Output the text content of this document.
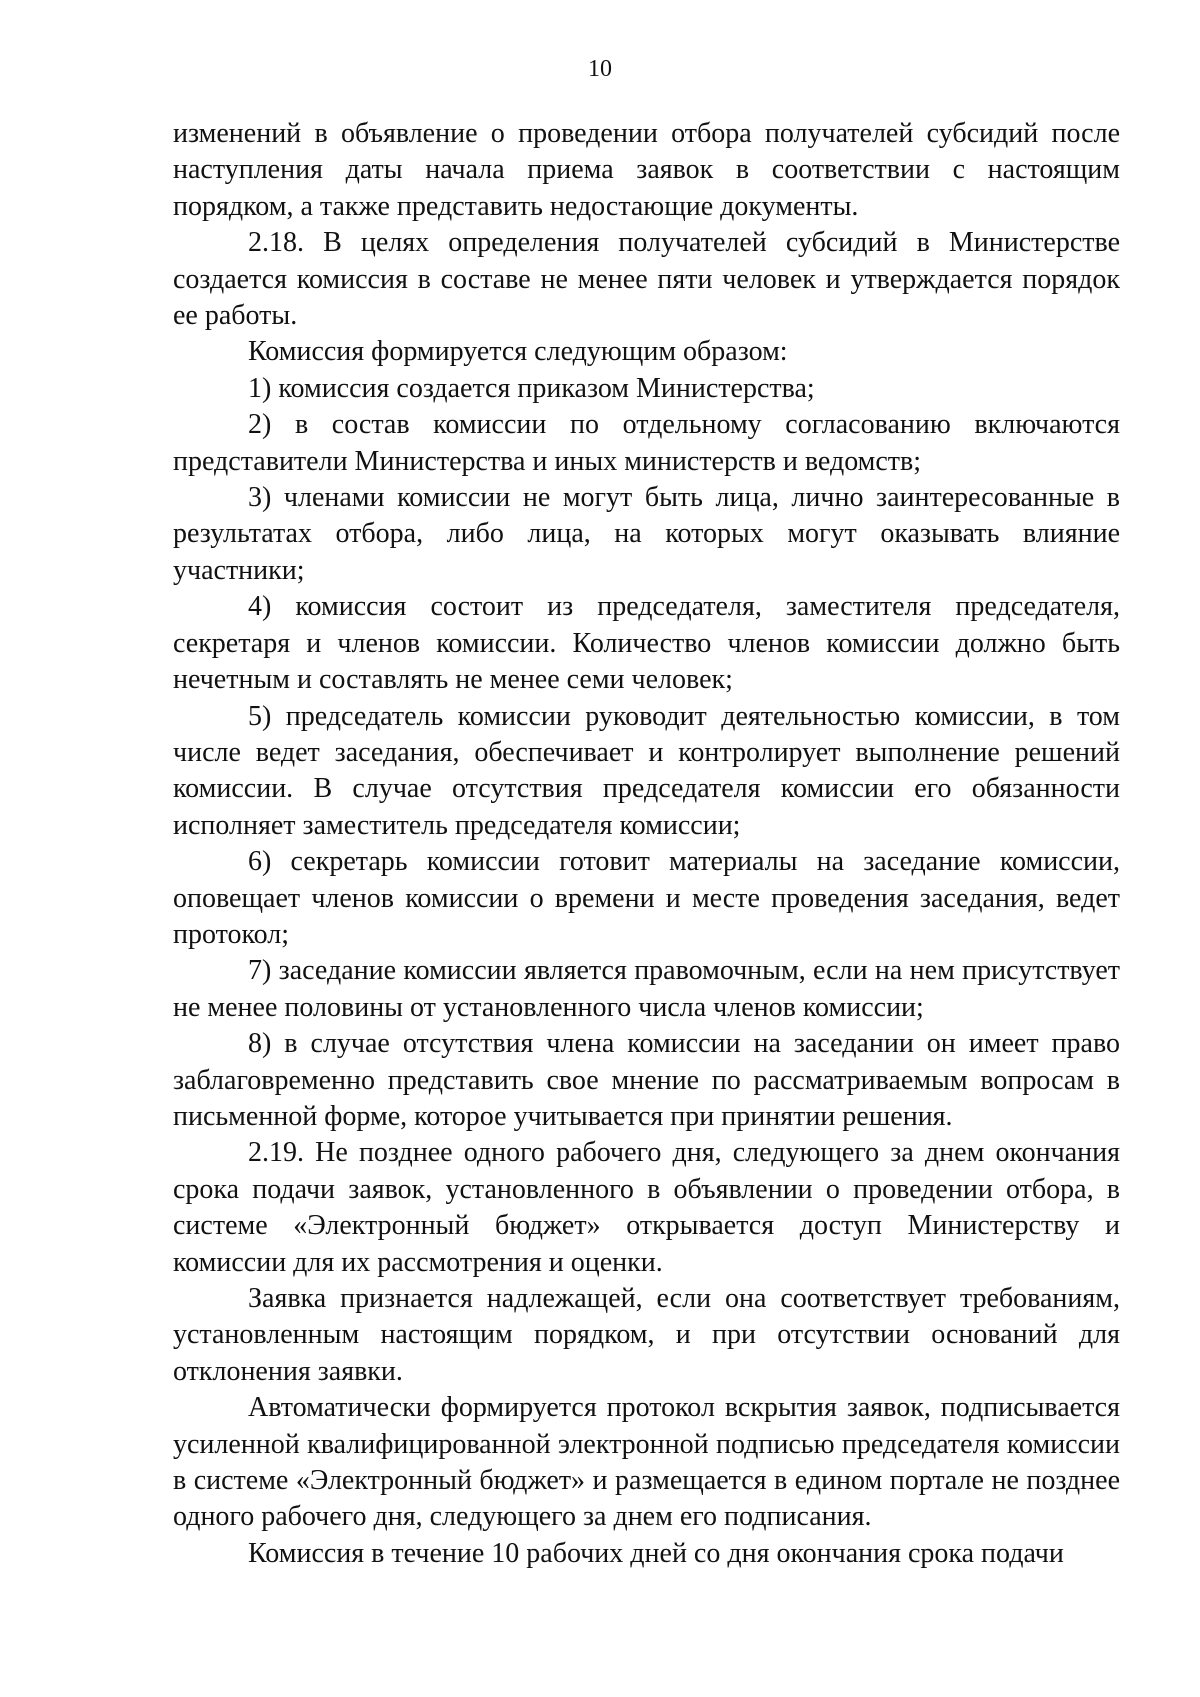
10

изменений в объявление о проведении отбора получателей субсидий после наступления даты начала приема заявок в соответствии с настоящим порядком, а также представить недостающие документы.

2.18. В целях определения получателей субсидий в Министерстве создается комиссия в составе не менее пяти человек и утверждается порядок ее работы.

Комиссия формируется следующим образом:

1) комиссия создается приказом Министерства;

2) в состав комиссии по отдельному согласованию включаются представители Министерства и иных министерств и ведомств;

3) членами комиссии не могут быть лица, лично заинтересованные в результатах отбора, либо лица, на которых могут оказывать влияние участники;

4) комиссия состоит из председателя, заместителя председателя, секретаря и членов комиссии. Количество членов комиссии должно быть нечетным и составлять не менее семи человек;

5) председатель комиссии руководит деятельностью комиссии, в том числе ведет заседания, обеспечивает и контролирует выполнение решений комиссии. В случае отсутствия председателя комиссии его обязанности исполняет заместитель председателя комиссии;

6) секретарь комиссии готовит материалы на заседание комиссии, оповещает членов комиссии о времени и месте проведения заседания, ведет протокол;

7) заседание комиссии является правомочным, если на нем присутствует не менее половины от установленного числа членов комиссии;

8) в случае отсутствия члена комиссии на заседании он имеет право заблаговременно представить свое мнение по рассматриваемым вопросам в письменной форме, которое учитывается при принятии решения.

2.19. Не позднее одного рабочего дня, следующего за днем окончания срока подачи заявок, установленного в объявлении о проведении отбора, в системе «Электронный бюджет» открывается доступ Министерству и комиссии для их рассмотрения и оценки.

Заявка признается надлежащей, если она соответствует требованиям, установленным настоящим порядком, и при отсутствии оснований для отклонения заявки.

Автоматически формируется протокол вскрытия заявок, подписывается усиленной квалифицированной электронной подписью председателя комиссии в системе «Электронный бюджет» и размещается в едином портале не позднее одного рабочего дня, следующего за днем его подписания.

Комиссия в течение 10 рабочих дней со дня окончания срока подачи
